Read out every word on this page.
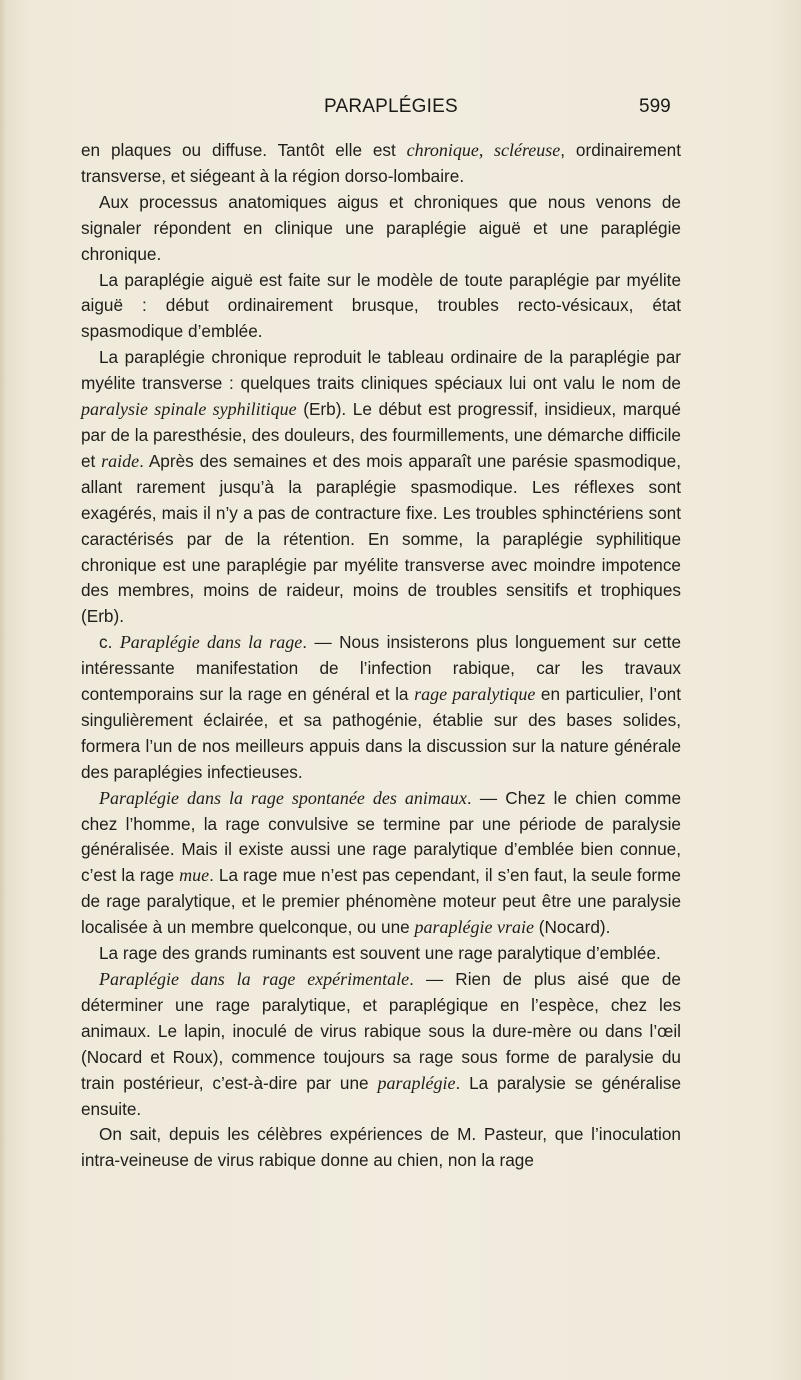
PARAPLÉGIES	599

en plaques ou diffuse. Tantôt elle est chronique, scléreuse, ordinairement transverse, et siégeant à la région dorso-lombaire.

Aux processus anatomiques aigus et chroniques que nous venons de signaler répondent en clinique une paraplégie aiguë et une paraplégie chronique.

La paraplégie aiguë est faite sur le modèle de toute paraplégie par myélite aiguë : début ordinairement brusque, troubles recto-vésicaux, état spasmodique d’emblée.

La paraplégie chronique reproduit le tableau ordinaire de la paraplégie par myélite transverse : quelques traits cliniques spéciaux lui ont valu le nom de paralysie spinale syphilitique (Erb). Le début est progressif, insidieux, marqué par de la paresthésie, des douleurs, des fourmillements, une démarche difficile et raide. Après des semaines et des mois apparaît une parésie spasmodique, allant rarement jusqu’à la paraplégie spasmodique. Les réflexes sont exagérés, mais il n’y a pas de contracture fixe. Les troubles sphinctériens sont caractérisés par de la rétention. En somme, la paraplégie syphilitique chronique est une paraplégie par myélite transverse avec moindre impotence des membres, moins de raideur, moins de troubles sensitifs et trophiques (Erb).

c. Paraplégie dans la rage. — Nous insisterons plus longuement sur cette intéressante manifestation de l’infection rabique, car les travaux contemporains sur la rage en général et la rage paralytique en particulier, l’ont singulièrement éclairée, et sa pathogénie, établie sur des bases solides, formera l’un de nos meilleurs appuis dans la discussion sur la nature générale des paraplégies infectieuses.

Paraplégie dans la rage spontanée des animaux. — Chez le chien comme chez l’homme, la rage convulsive se termine par une période de paralysie généralisée. Mais il existe aussi une rage paralytique d’emblée bien connue, c’est la rage mue. La rage mue n’est pas cependant, il s’en faut, la seule forme de rage paralytique, et le premier phénomène moteur peut être une paralysie localisée à un membre quelconque, ou une paraplégie vraie (Nocard).

La rage des grands ruminants est souvent une rage paralytique d’emblée.

Paraplégie dans la rage expérimentale. — Rien de plus aisé que de déterminer une rage paralytique, et paraplégique en l’espèce, chez les animaux. Le lapin, inoculé de virus rabique sous la dure-mère ou dans l’œil (Nocard et Roux), commence toujours sa rage sous forme de paralysie du train postérieur, c’est-à-dire par une paraplégie. La paralysie se généralise ensuite.

On sait, depuis les célèbres expériences de M. Pasteur, que l’inoculation intra-veineuse de virus rabique donne au chien, non la rage
